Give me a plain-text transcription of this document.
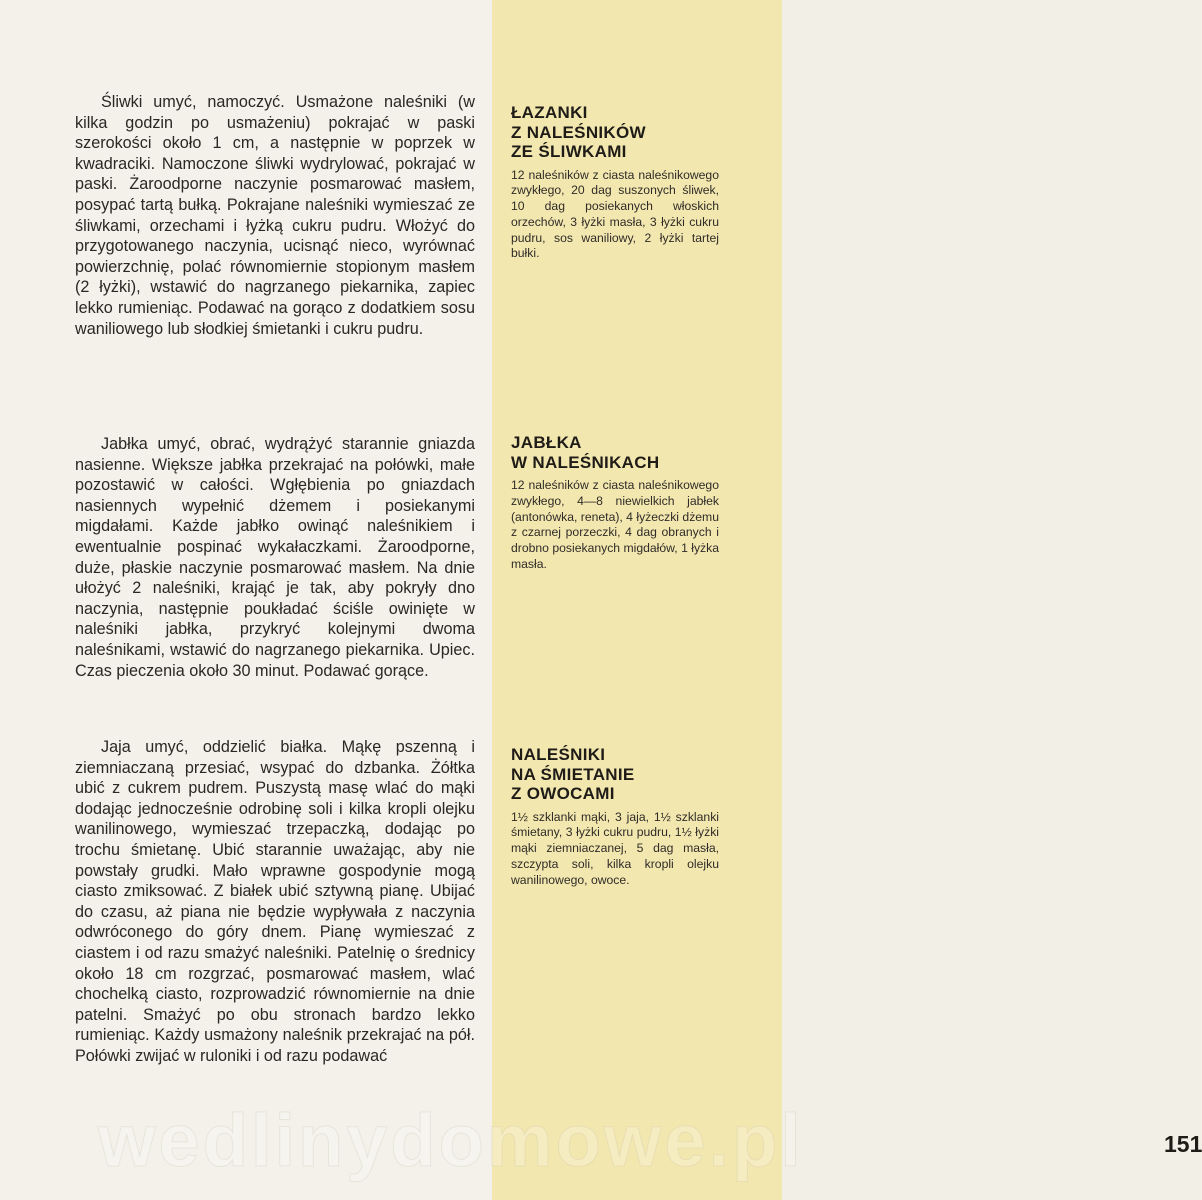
Śliwki umyć, namoczyć. Usmażone naleśniki (w kilka godzin po usmażeniu) pokrajać w paski szerokości około 1 cm, a następnie w poprzek w kwadraciki. Namoczone śliwki wydrylować, pokrajać w paski. Żaroodporne naczynie posmarować masłem, posypać tartą bułką. Pokrajane naleśniki wymieszać ze śliwkami, orzechami i łyżką cukru pudru. Włożyć do przygotowanego naczynia, ucisnąć nieco, wyrównać powierzchnię, polać równomiernie stopionym masłem (2 łyżki), wstawić do nagrzanego piekarnika, zapiec lekko rumieniąc. Podawać na gorąco z dodatkiem sosu waniliowego lub słodkiej śmietanki i cukru pudru.

Jabłka umyć, obrać, wydrążyć starannie gniazda nasienne. Większe jabłka przekrajać na połówki, małe pozostawić w całości. Wgłębienia po gniazdach nasiennych wypełnić dżemem i posiekanymi migdałami. Każde jabłko owinąć naleśnikiem i ewentualnie pospinać wykałaczkami. Żaroodporne, duże, płaskie naczynie posmarować masłem. Na dnie ułożyć 2 naleśniki, krająć je tak, aby pokryły dno naczynia, następnie poukładać ściśle owinięte w naleśniki jabłka, przykryć kolejnymi dwoma naleśnikami, wstawić do nagrzanego piekarnika. Upiec. Czas pieczenia około 30 minut. Podawać gorące.

Jaja umyć, oddzielić białka. Mąkę pszenną i ziemniaczaną przesiać, wsypać do dzbanka. Żółtka ubić z cukrem pudrem. Puszystą masę wlać do mąki dodając jednocześnie odrobinę soli i kilka kropli olejku wanilinowego, wymieszać trzepaczką, dodając po trochu śmietanę. Ubić starannie uważając, aby nie powstały grudki. Mało wprawne gospodynie mogą ciasto zmiksować. Z białek ubić sztywną pianę. Ubijać do czasu, aż piana nie będzie wypływała z naczynia odwróconego do góry dnem. Pianę wymieszać z ciastem i od razu smażyć naleśniki. Patelnię o średnicy około 18 cm rozgrzać, posmarować masłem, wlać chochelką ciasto, rozprowadzić równomiernie na dnie patelni. Smażyć po obu stronach bardzo lekko rumieniąc. Każdy usmażony naleśnik przekrajać na pół. Połówki zwijać w ruloniki i od razu podawać

151
ŁAZANKI
Z NALEŚNIKÓW
ZE ŚLIWKAMI

12 naleśników z ciasta naleśnikowego zwykłego, 20 dag suszonych śliwek, 10 dag posiekanych włoskich orzechów, 3 łyżki masła, 3 łyżki cukru pudru, sos waniliowy, 2 łyżki tartej bułki.

JABŁKA
W NALEŚNIKACH

12 naleśników z ciasta naleśnikowego zwykłego, 4—8 niewielkich jabłek (antonówka, reneta), 4 łyżeczki dżemu z czarnej porzeczki, 4 dag obranych i drobno posiekanych migdałów, 1 łyżka masła.

NALEŚNIKI
NA ŚMIETANIE
Z OWOCAMI

1½ szklanki mąki, 3 jaja, 1½ szklanki śmietany, 3 łyżki cukru pudru, 1½ łyżki mąki ziemniaczanej, 5 dag masła, szczypta soli, kilka kropli olejku wanilinowego, owoce.

wedlinydomowe.pl
